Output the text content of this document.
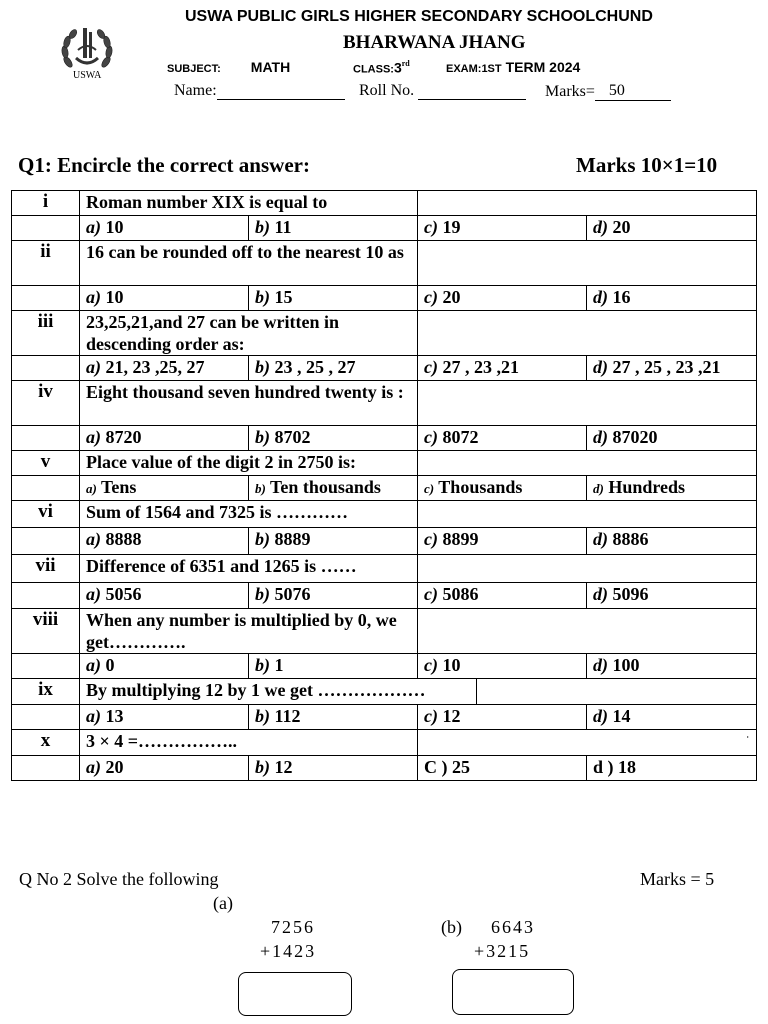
USWA PUBLIC GIRLS HIGHER SECONDARY SCHOOLCHUND
BHARWANA JHANG
USWA
SUBJECT: MATH	CLASS:3rd	EXAM:1ST TERM 2024
Name:	Roll No.	Marks= 50
Q1: Encircle the correct answer:	Marks 10×1=10
i	Roman number XIX is equal to			
	a) 10	b) 11	c) 19	d) 20
ii	16 can be rounded off to the nearest 10 as			
	a) 10	b) 15	c) 20	d) 16
iii	23,25,21,and 27 can be written in descending order as:			
	a) 21, 23 ,25, 27	b) 23 , 25 , 27	c) 27 , 23 ,21	d) 27 , 25 , 23 ,21
iv	Eight thousand seven hundred twenty is :			
	a) 8720	b) 8702	c) 8072	d) 87020
v	Place value of the digit 2 in 2750 is:			
	a) Tens	b) Ten thousands	c) Thousands	d) Hundreds
vi	Sum of 1564 and 7325 is …………			
	a) 8888	b) 8889	c) 8899	d) 8886
vii	Difference of 6351 and 1265 is ……			
	a) 5056	b) 5076	c) 5086	d) 5096
viii	When any number is multiplied by 0, we get………….			
	a) 0	b) 1	c) 10	d) 100
ix	By multiplying 12 by 1 we get ………………		

	a) 13	b) 112	c) 12	d) 14
x	3 × 4 =……………..		ˈ	
	a) 20	b) 12	C ) 25	d ) 18
Q No 2 Solve the following	Marks = 5
(a)
7256
+1423
(b) 6643
+3215
